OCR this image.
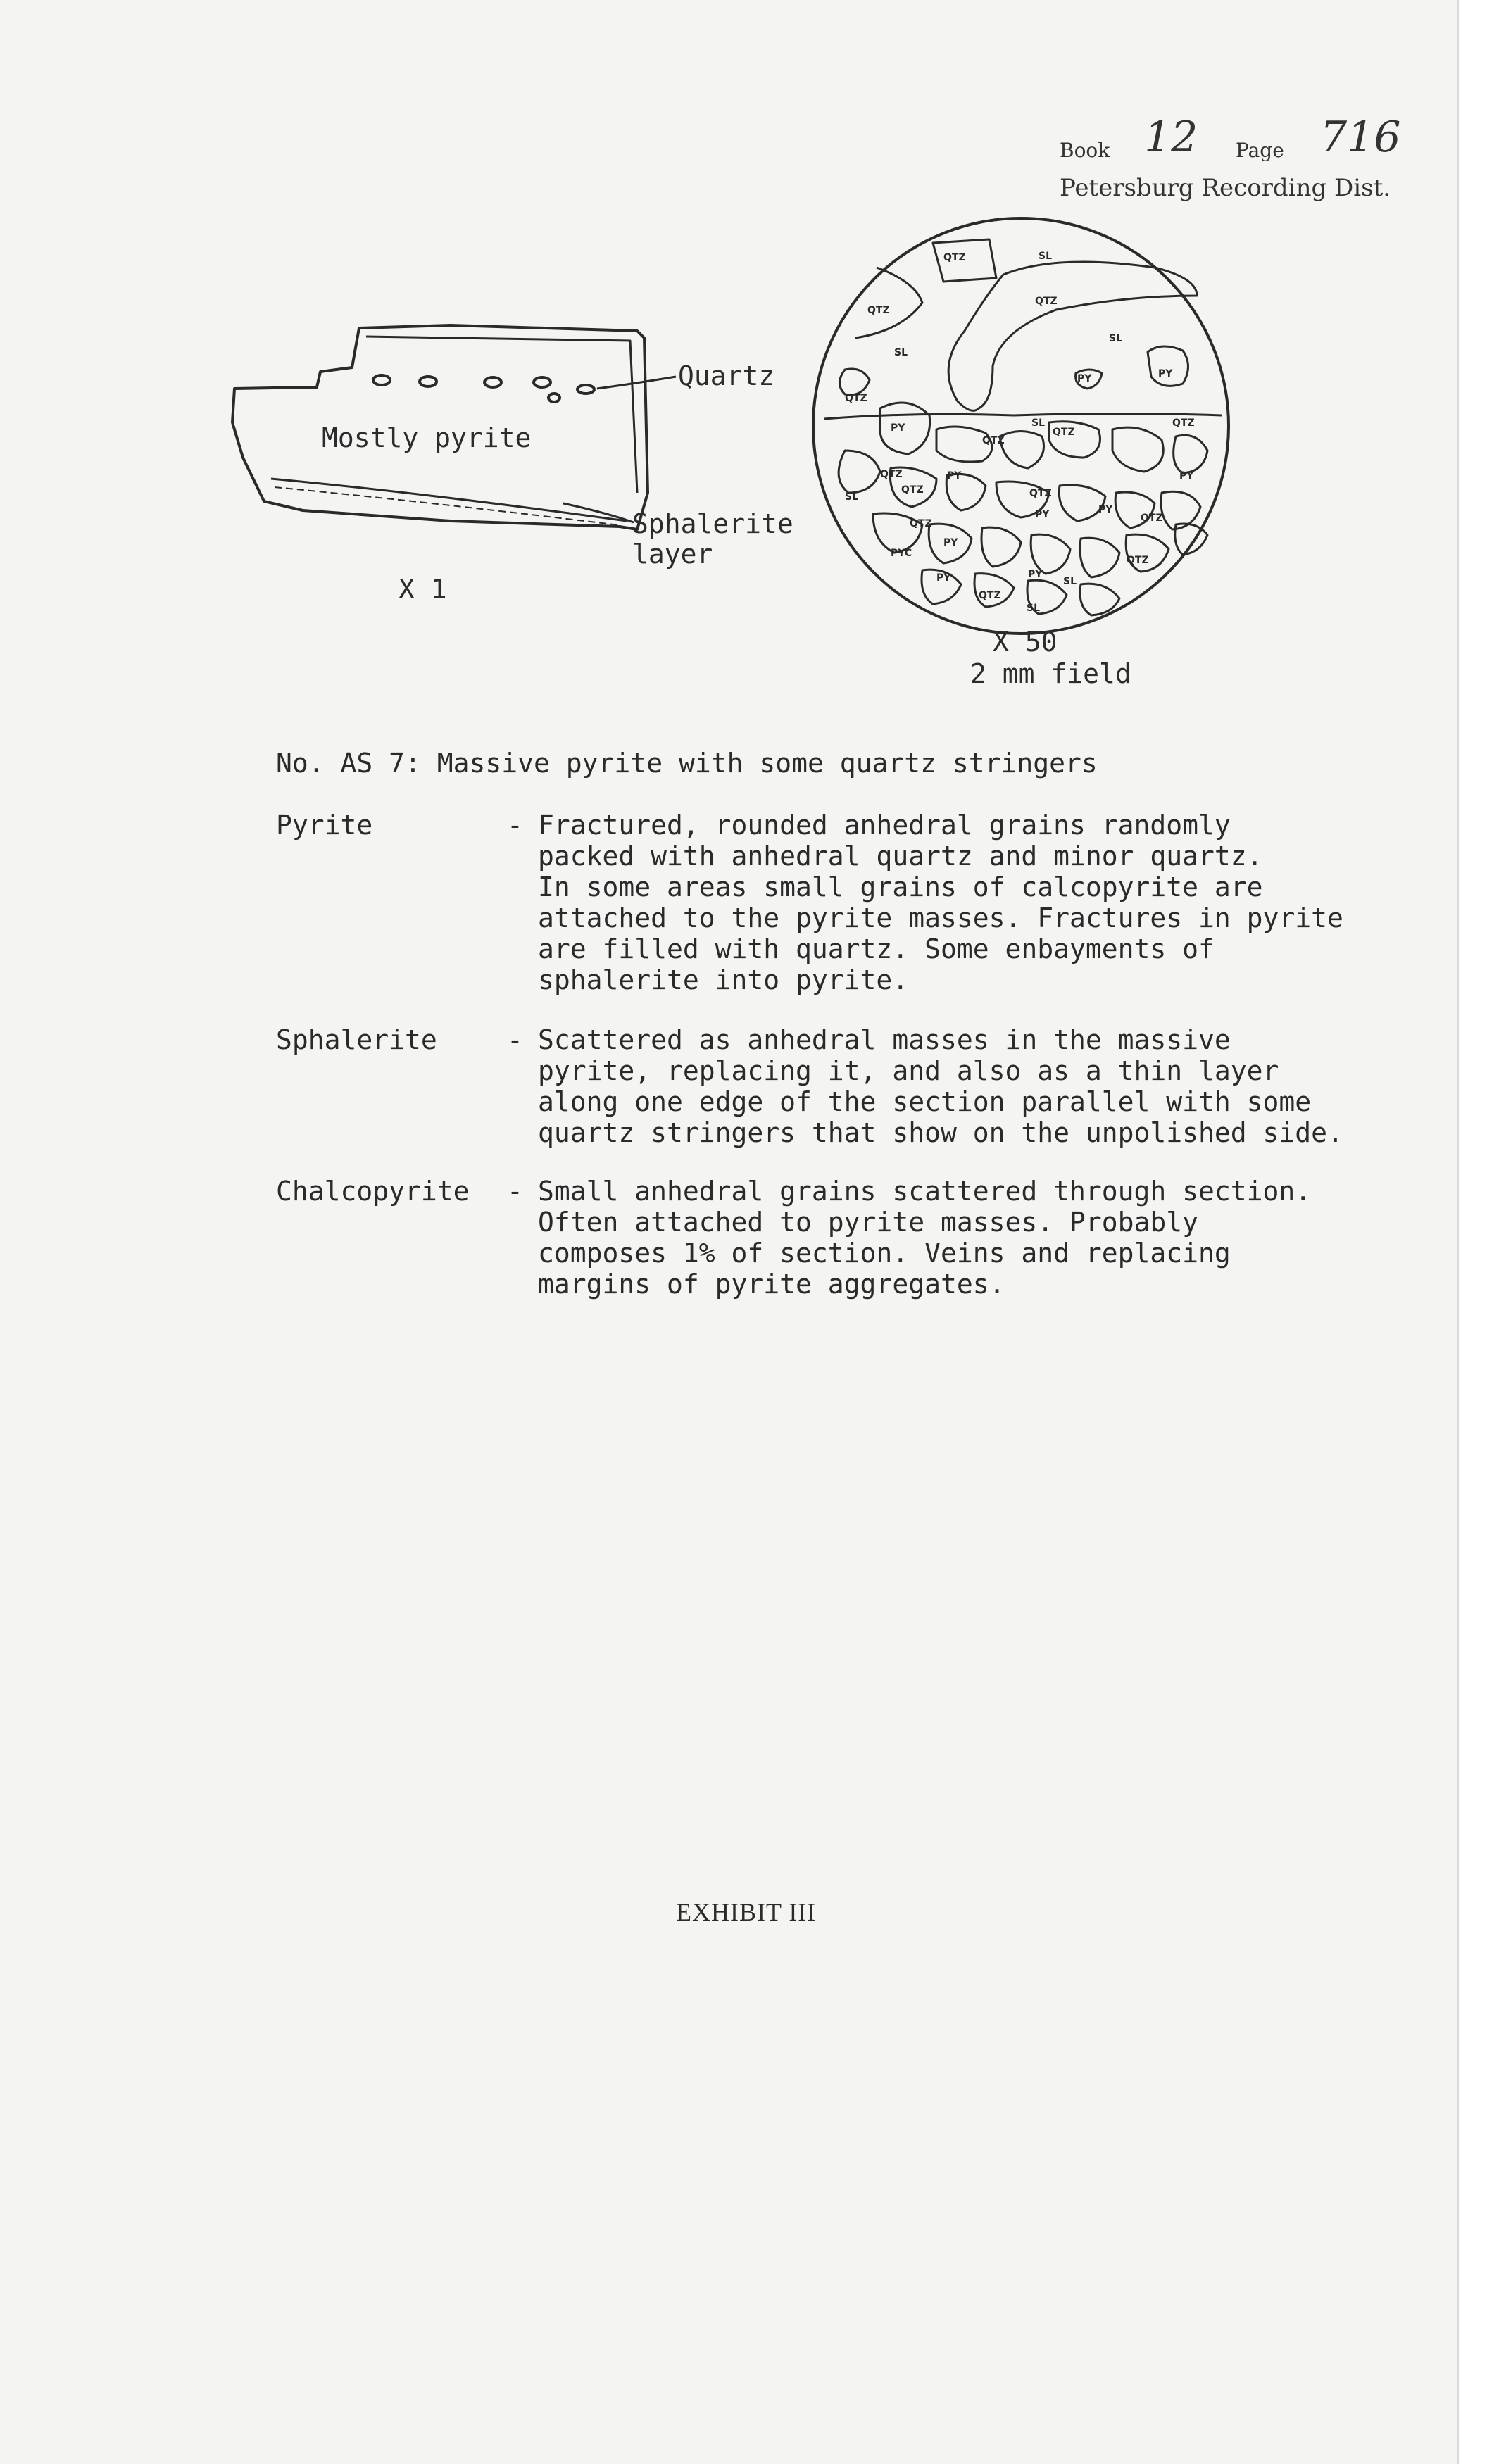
Book 12 Page 716
Petersburg Recording Dist.
Quartz
Mostly pyrite
Sphalerite
layer
X 1
QTZ	SL
QTZ
QTZ
SL
SL
PY
PY
QTZ
PY	SL
QTZ
QTZ
QTZ
PY
QTZ	PY
QTZ
SL
QTZ
PY
PY
QTZ	QTZ
PYC
PY
PY
PY	SL
QTZ
SL
QTZ
X 50
2 mm field
No. AS 7: Massive pyrite with some quartz stringers
Pyrite	- Fractured, rounded anhedral grains randomly
packed with anhedral quartz and minor quartz.
In some areas small grains of calcopyrite are
attached to the pyrite masses. Fractures in pyrite
are filled with quartz. Some enbayments of
sphalerite into pyrite.
Sphalerite	- Scattered as anhedral masses in the massive
pyrite, replacing it, and also as a thin layer
along one edge of the section parallel with some
quartz stringers that show on the unpolished side.
Chalcopyrite - Small anhedral grains scattered through section.
Often attached to pyrite masses. Probably
composes 1% of section. Veins and replacing
margins of pyrite aggregates.
EXHIBIT III
